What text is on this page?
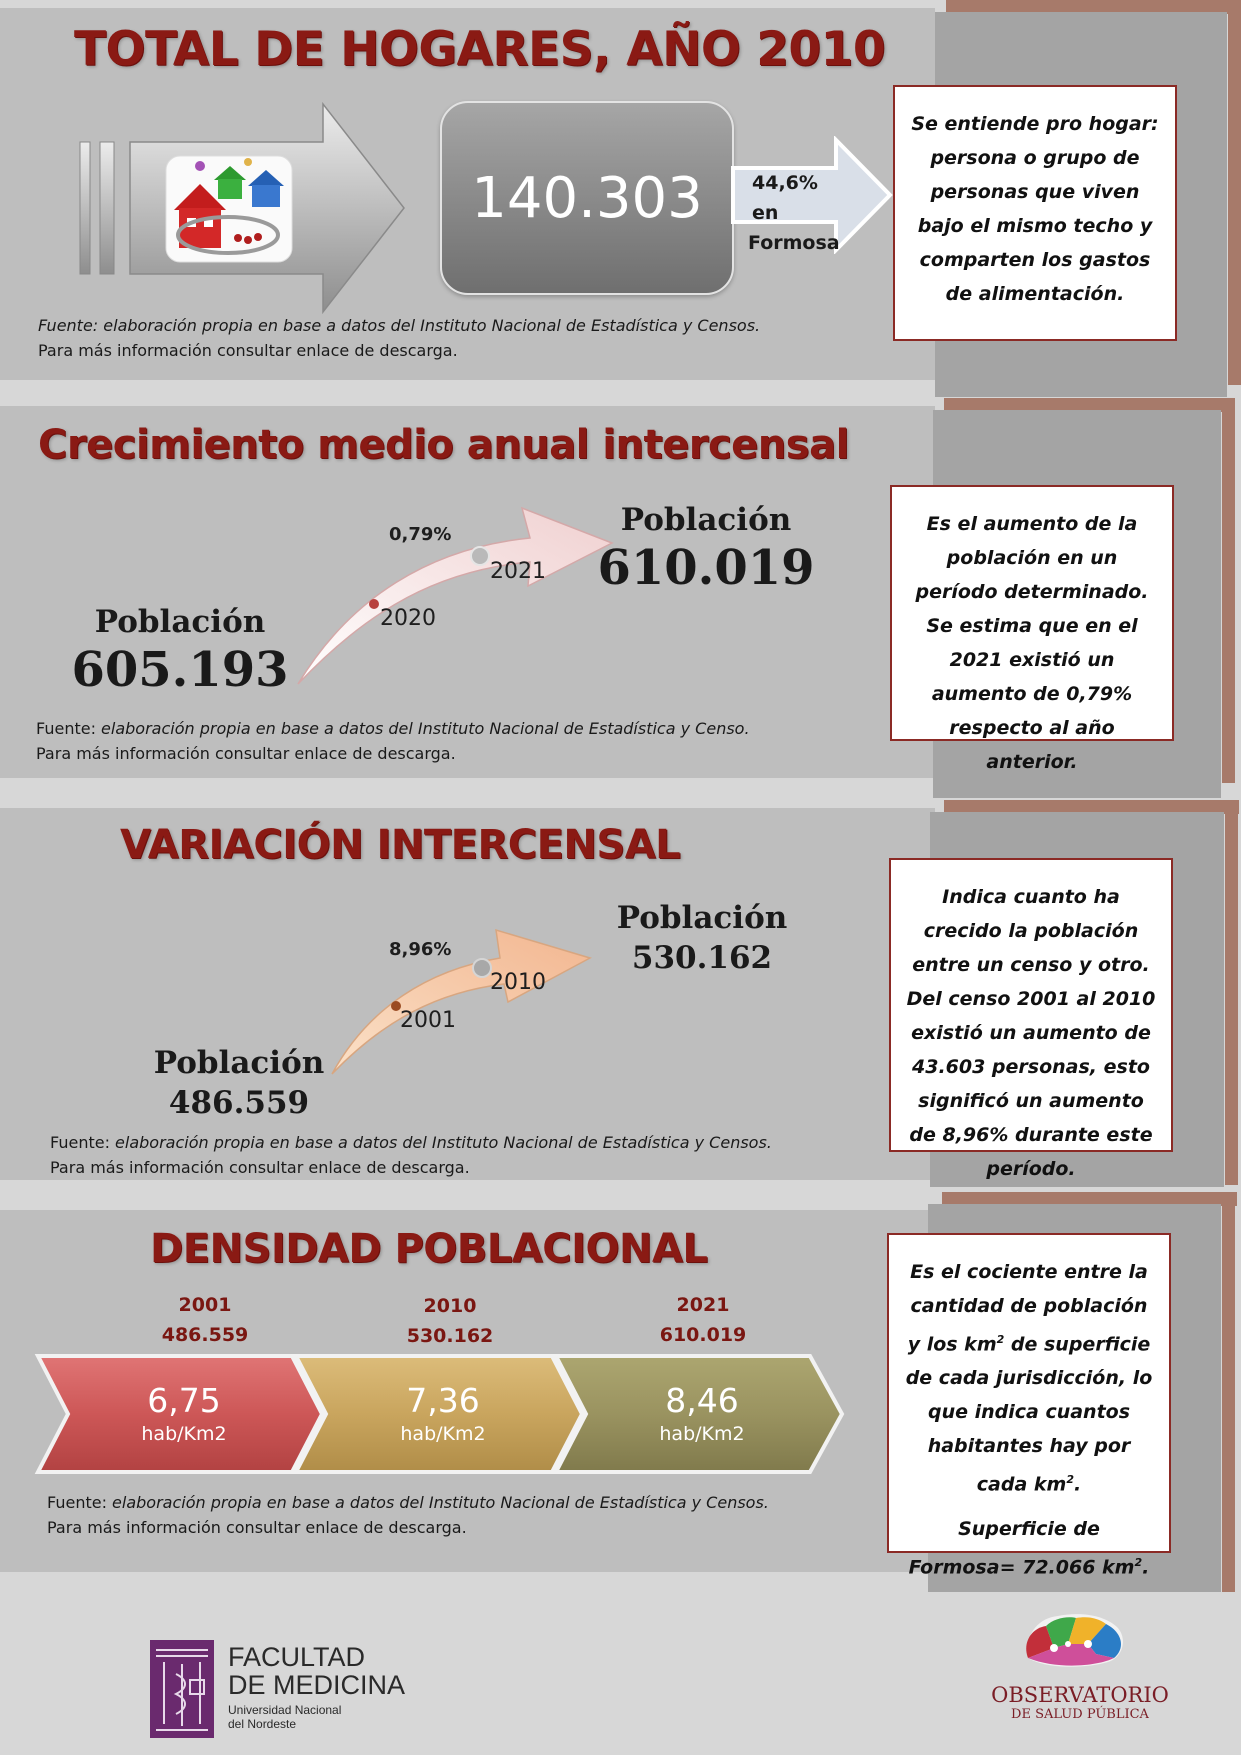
TOTAL DE HOGARES, AÑO 2010
140.303	44,6% en
Formosa
Se entiende pro hogar: persona o grupo de personas que viven bajo el mismo techo y comparten los gastos de alimentación.
Fuente: elaboración propia en base a datos del Instituto Nacional de Estadística y Censos.
Para más información consultar enlace de descarga.
Crecimiento medio anual intercensal
0,79%
2020
2021
Población
605.193
Población
610.019
Es el aumento de la población en un período determinado. Se estima que en el 2021 existió un aumento de 0,79% respecto al año anterior.
Fuente: elaboración propia en base a datos del Instituto Nacional de Estadística y Censo.
Para más información consultar enlace de descarga.
VARIACIÓN INTERCENSAL
8,96%
2001
2010
Población
486.559
Población
530.162
Indica cuanto ha crecido la población entre un censo y otro. Del censo 2001 al 2010 existió un aumento de 43.603 personas, esto significó un aumento de 8,96% durante este período.
Fuente: elaboración propia en base a datos del Instituto Nacional de Estadística y Censos.
Para más información consultar enlace de descarga.
DENSIDAD POBLACIONAL
2001
486.559
2010
530.162
2021
610.019
6,75
hab/Km2
7,36
hab/Km2
8,46
hab/Km2
Es el cociente entre la cantidad de población y los $km^2$ de superficie de cada jurisdicción, lo que indica cuantos habitantes hay por cada $km^2$.
Superficie de Formosa= 72.066 $km^2$.
Fuente: elaboración propia en base a datos del Instituto Nacional de Estadística y Censos.
Para más información consultar enlace de descarga.
FACULTAD
DE MEDICINA
Universidad Nacional
del Nordeste
OBSERVATORIO
DE SALUD PÚBLICA
